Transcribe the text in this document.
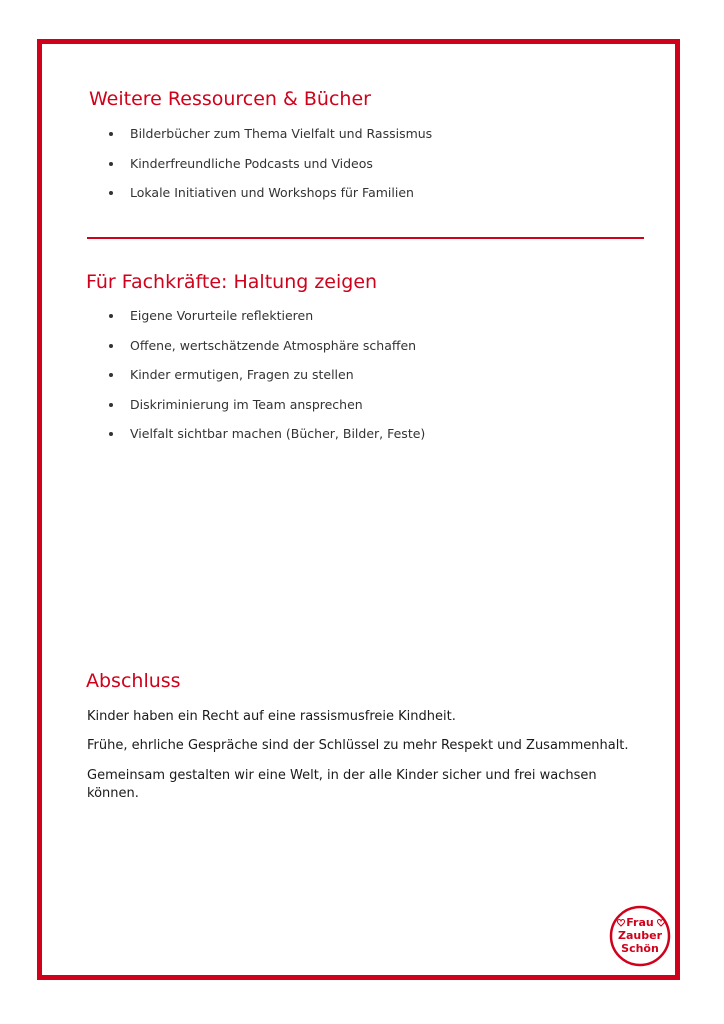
Weitere Ressourcen & Bücher
Bilderbücher zum Thema Vielfalt und Rassismus
Kinderfreundliche Podcasts und Videos
Lokale Initiativen und Workshops für Familien
Für Fachkräfte: Haltung zeigen
Eigene Vorurteile reflektieren
Offene, wertschätzende Atmosphäre schaffen
Kinder ermutigen, Fragen zu stellen
Diskriminierung im Team ansprechen
Vielfalt sichtbar machen (Bücher, Bilder, Feste)
Abschluss

Kinder haben ein Recht auf eine rassismusfreie Kindheit.

Frühe, ehrliche Gespräche sind der Schlüssel zu mehr Respekt und Zusammenhalt.

Gemeinsam gestalten wir eine Welt, in der alle Kinder sicher und frei wachsen können.

Frau
Zauber
Schön
